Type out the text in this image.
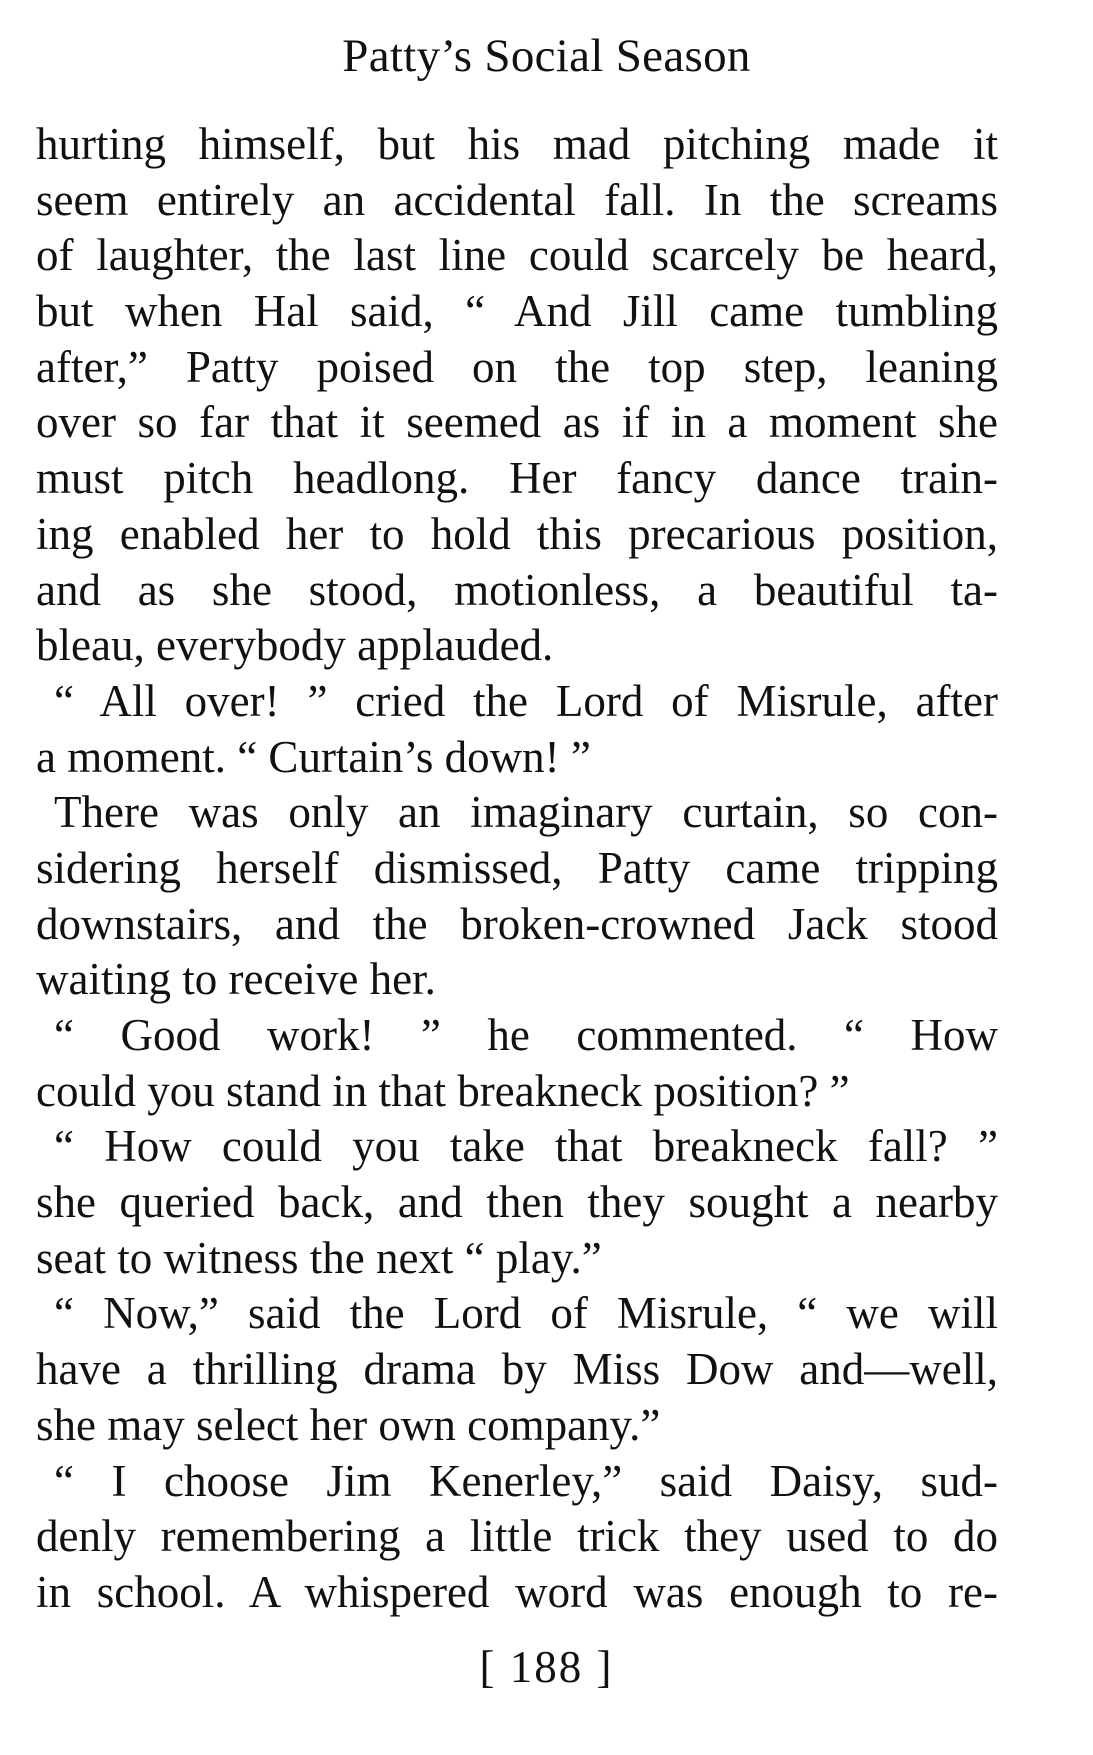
Patty’s Social Season
hurting himself, but his mad pitching made it
seem entirely an accidental fall. In the screams
of laughter, the last line could scarcely be heard,
but when Hal said, “ And Jill came tumbling
after,” Patty poised on the top step, leaning
over so far that it seemed as if in a moment she
must pitch headlong. Her fancy dance train-
ing enabled her to hold this precarious position,
and as she stood, motionless, a beautiful ta-
bleau, everybody applauded.
“ All over! ” cried the Lord of Misrule, after
a moment. “ Curtain’s down! ”
There was only an imaginary curtain, so con-
sidering herself dismissed, Patty came tripping
downstairs, and the broken-crowned Jack stood
waiting to receive her.
“ Good work! ” he commented. “ How
could you stand in that breakneck position? ”
“ How could you take that breakneck fall? ”
she queried back, and then they sought a nearby
seat to witness the next “ play.”
“ Now,” said the Lord of Misrule, “ we will
have a thrilling drama by Miss Dow and—well,
she may select her own company.”
“ I choose Jim Kenerley,” said Daisy, sud-
denly remembering a little trick they used to do
in school. A whispered word was enough to re-
[ 188 ]
